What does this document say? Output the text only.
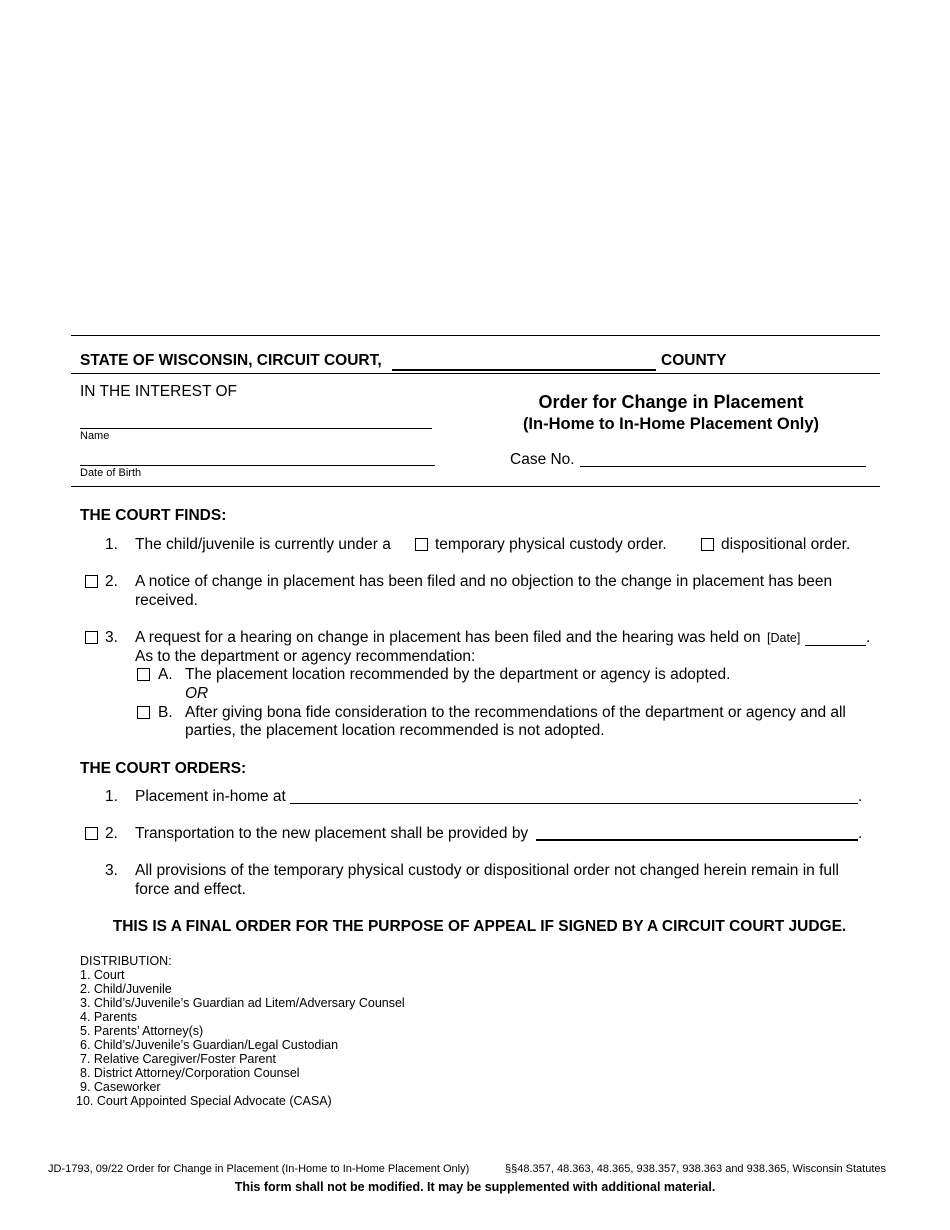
STATE OF WISCONSIN, CIRCUIT COURT,	COUNTY
IN THE INTEREST OF
Name
Date of Birth
Order for Change in Placement
(In-Home to In-Home Placement Only)
Case No.
THE COURT FINDS:
1. The child/juvenile is currently under a	temporary physical custody order.	dispositional order.
2. A notice of change in placement has been filed and no objection to the change in placement has been
received.
3. A request for a hearing on change in placement has been filed and the hearing was held on [Date]	.
As to the department or agency recommendation:
A. The placement location recommended by the department or agency is adopted.
OR
B. After giving bona fide consideration to the recommendations of the department or agency and all
parties, the placement location recommended is not adopted.
THE COURT ORDERS:
1. Placement in-home at	.
2. Transportation to the new placement shall be provided by	.
3. All provisions of the temporary physical custody or dispositional order not changed herein remain in full
force and effect.
THIS IS A FINAL ORDER FOR THE PURPOSE OF APPEAL IF SIGNED BY A CIRCUIT COURT JUDGE.
DISTRIBUTION:
1. Court
2. Child/Juvenile
3. Child’s/Juvenile’s Guardian ad Litem/Adversary Counsel
4. Parents
5. Parents’ Attorney(s)
6. Child’s/Juvenile’s Guardian/Legal Custodian
7. Relative Caregiver/Foster Parent
8. District Attorney/Corporation Counsel
9. Caseworker
10. Court Appointed Special Advocate (CASA)
JD-1793, 09/22 Order for Change in Placement (In-Home to In-Home Placement Only)	§§48.357, 48.363, 48.365, 938.357, 938.363 and 938.365, Wisconsin Statutes
This form shall not be modified. It may be supplemented with additional material.
